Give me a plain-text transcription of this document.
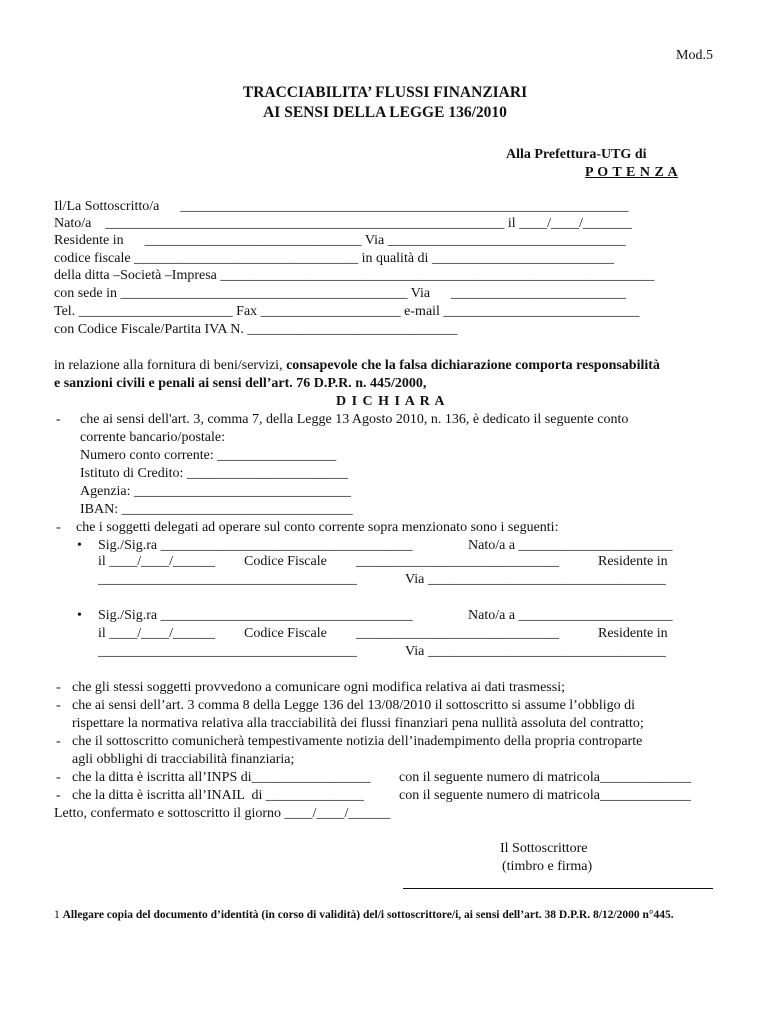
Mod.5
TRACCIABILITA’ FLUSSI FINANZIARI
AI SENSI DELLA LEGGE 136/2010
Alla Prefettura-UTG di
P O T E N Z A
Il/La Sottoscritto/a      ________________________________________________________________
Nato/a    _________________________________________________________ il ____/____/_______
Residente in      _______________________________ Via __________________________________
codice fiscale ________________________________ in qualità di __________________________
della ditta –Società –Impresa ______________________________________________________________
con sede in _________________________________________ Via      _________________________
Tel. ______________________ Fax ____________________ e-mail ____________________________
con Codice Fiscale/Partita IVA N. ______________________________
in relazione alla fornitura di beni/servizi, consapevole che la falsa dichiarazione comporta responsabilità
e sanzioni civili e penali ai sensi dell’art. 76 D.P.R. n. 445/2000,
D I C H I A R A
- che ai sensi dell'art. 3, comma 7, della Legge 13 Agosto 2010, n. 136, è dedicato il seguente conto
corrente bancario/postale:
Numero conto corrente: _________________
Istituto di Credito: _______________________
Agenzia: _______________________________
IBAN: _________________________________
- che i soggetti delegati ad operare sul conto corrente sopra menzionato sono i seguenti:
• Sig./Sig.ra ____________________________________	Nato/a a ______________________
il ____/____/______ Codice Fiscale _____________________________	Residente in
_____________________________________	Via __________________________________
• Sig./Sig.ra ____________________________________	Nato/a a ______________________
il ____/____/______ Codice Fiscale _____________________________	Residente in
_____________________________________	Via __________________________________
- che gli stessi soggetti provvedono a comunicare ogni modifica relativa ai dati trasmessi;
- che ai sensi dell’art. 3 comma 8 della Legge 136 del 13/08/2010 il sottoscritto si assume l’obbligo di
rispettare la normativa relativa alla tracciabilità dei flussi finanziari pena nullità assoluta del contratto;
- che il sottoscritto comunicherà tempestivamente notizia dell’inadempimento della propria controparte
agli obblighi di tracciabilità finanziaria;
- che la ditta è iscritta all’INPS di_________________ con il seguente numero di matricola_____________
- che la ditta è iscritta all’INAIL  di ______________	con il seguente numero di matricola_____________
Letto, confermato e sottoscritto il giorno ____/____/______
Il Sottoscrittore
(timbro e firma)
1 Allegare copia del documento d’identità (in corso di validità) del/i sottoscrittore/i, ai sensi dell’art. 38 D.P.R. 8/12/2000 n°445.
